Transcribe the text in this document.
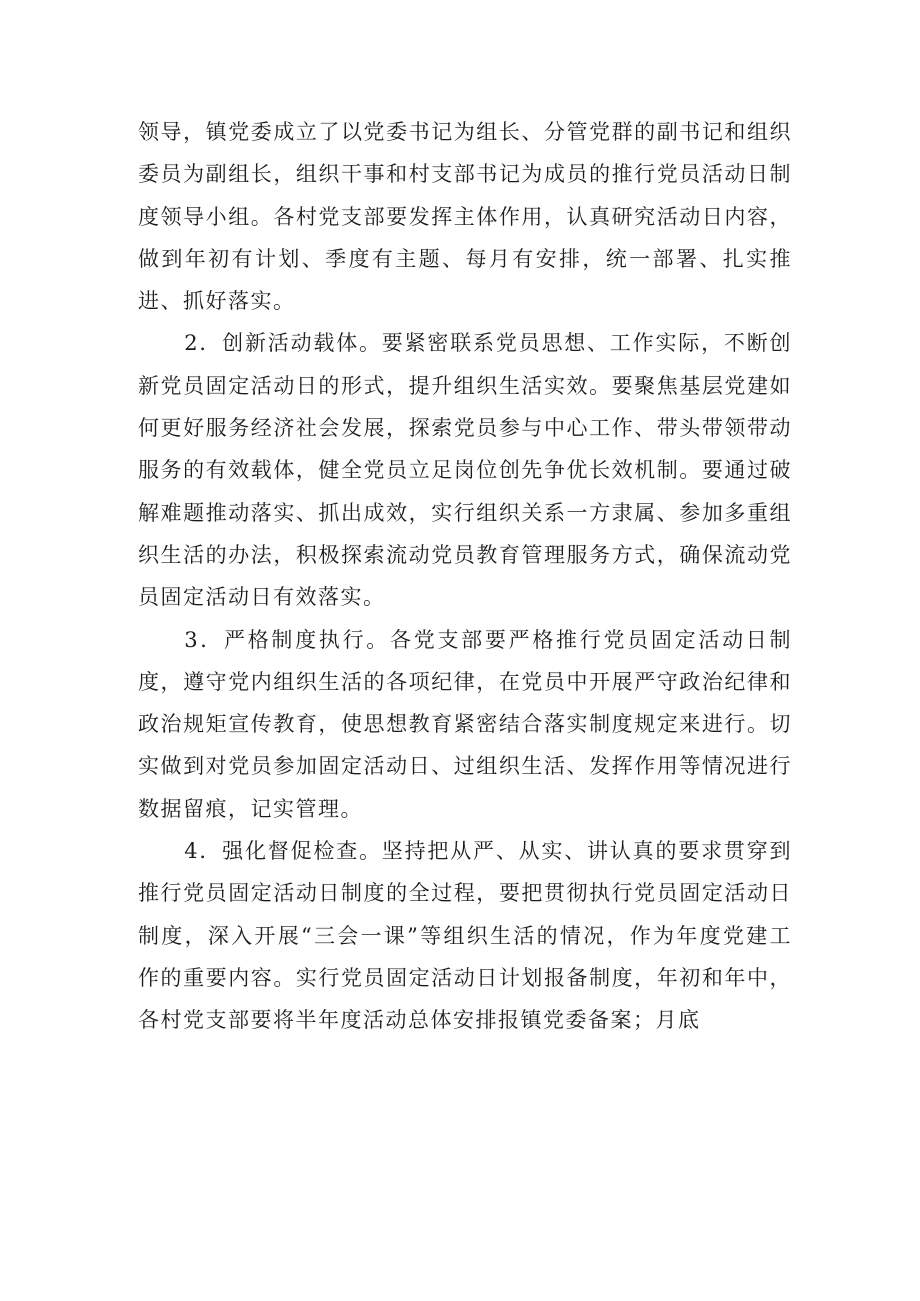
领导，镇党委成立了以党委书记为组长、分管党群的副书记和组织委员为副组长，组织干事和村支部书记为成员的推行党员活动日制度领导小组。各村党支部要发挥主体作用，认真研究活动日内容，做到年初有计划、季度有主题、每月有安排，统一部署、扎实推进、抓好落实。

2．创新活动载体。要紧密联系党员思想、工作实际，不断创新党员固定活动日的形式，提升组织生活实效。要聚焦基层党建如何更好服务经济社会发展，探索党员参与中心工作、带头带领带动服务的有效载体，健全党员立足岗位创先争优长效机制。要通过破解难题推动落实、抓出成效，实行组织关系一方隶属、参加多重组织生活的办法，积极探索流动党员教育管理服务方式，确保流动党员固定活动日有效落实。

3．严格制度执行。各党支部要严格推行党员固定活动日制度，遵守党内组织生活的各项纪律，在党员中开展严守政治纪律和政治规矩宣传教育，使思想教育紧密结合落实制度规定来进行。切实做到对党员参加固定活动日、过组织生活、发挥作用等情况进行数据留痕，记实管理。

4．强化督促检查。坚持把从严、从实、讲认真的要求贯穿到推行党员固定活动日制度的全过程，要把贯彻执行党员固定活动日制度，深入开展“三会一课”等组织生活的情况，作为年度党建工作的重要内容。实行党员固定活动日计划报备制度，年初和年中，各村党支部要将半年度活动总体安排报镇党委备案；月底
